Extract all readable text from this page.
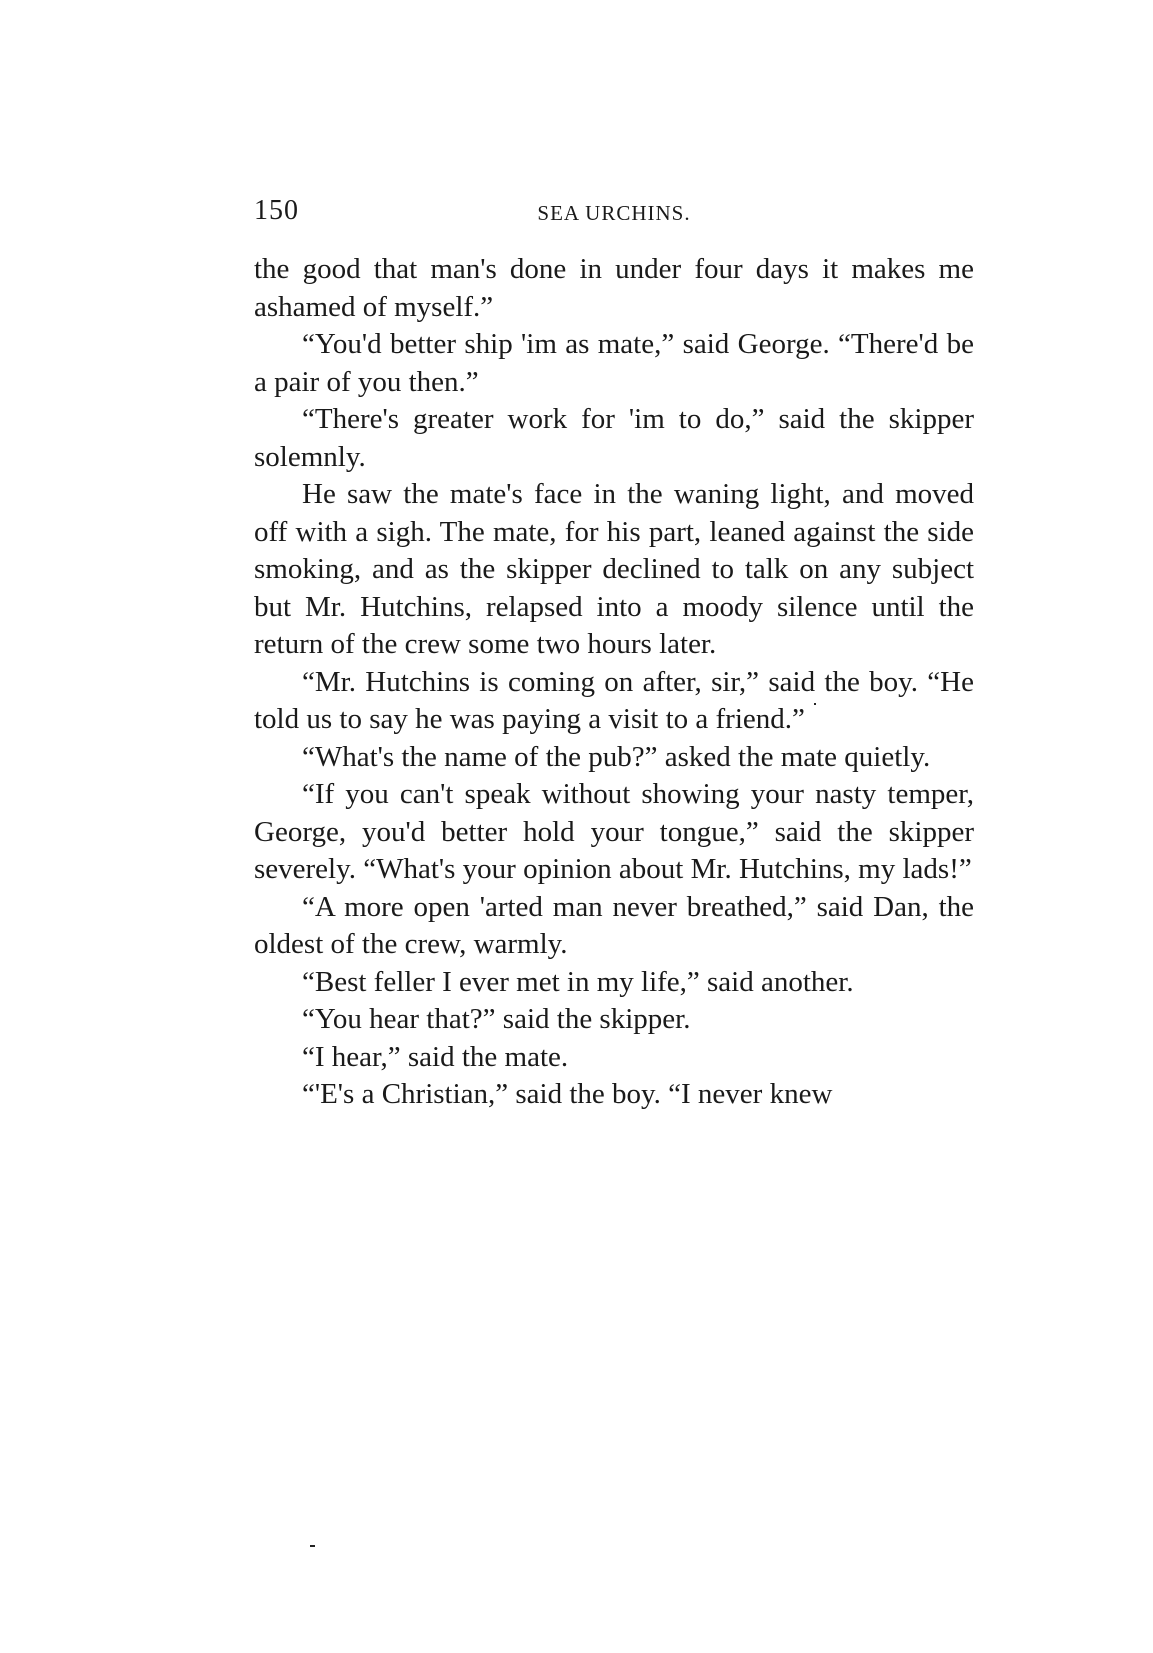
150	SEA URCHINS.

the good that man's done in under four days it makes me ashamed of myself.”

“You'd better ship 'im as mate,” said George. “There'd be a pair of you then.”

“There's greater work for 'im to do,” said the skipper solemnly.

He saw the mate's face in the waning light, and moved off with a sigh. The mate, for his part, leaned against the side smoking, and as the skipper declined to talk on any subject but Mr. Hutchins, relapsed into a moody silence until the return of the crew some two hours later.

“Mr. Hutchins is coming on after, sir,” said the boy. “He told us to say he was paying a visit to a friend.”

“What's the name of the pub?” asked the mate quietly.

“If you can't speak without showing your nasty temper, George, you'd better hold your tongue,” said the skipper severely. “What's your opinion about Mr. Hutchins, my lads!”

“A more open 'arted man never breathed,” said Dan, the oldest of the crew, warmly.

“Best feller I ever met in my life,” said another.

“You hear that?” said the skipper.

“I hear,” said the mate.

“'E's a Christian,” said the boy. “I never knew
